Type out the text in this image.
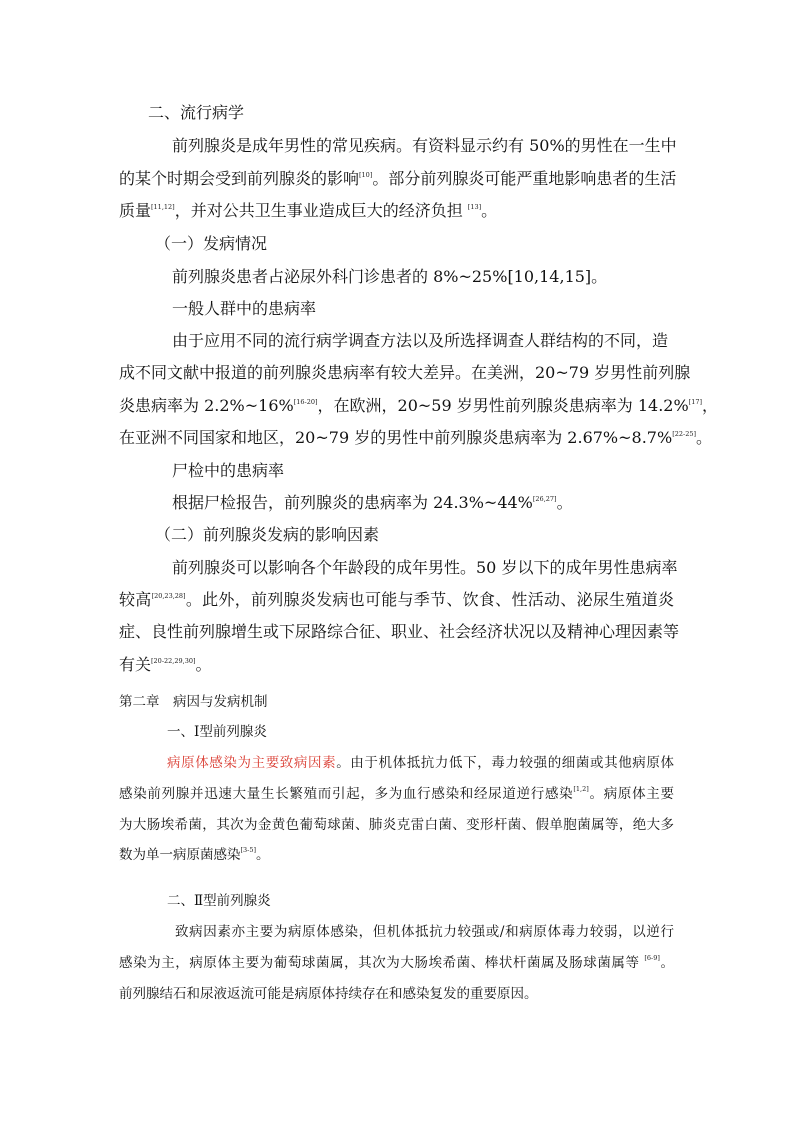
二、流行病学
前列腺炎是成年男性的常见疾病。有资料显示约有 50%的男性在一生中
的某个时期会受到前列腺炎的影响[10]。部分前列腺炎可能严重地影响患者的生活
质量[11,12]，并对公共卫生事业造成巨大的经济负担 [13]。
（一）发病情况
前列腺炎患者占泌尿外科门诊患者的 8%~25%[10,14,15]。
一般人群中的患病率
由于应用不同的流行病学调查方法以及所选择调查人群结构的不同，造
成不同文献中报道的前列腺炎患病率有较大差异。在美洲，20~79 岁男性前列腺
炎患病率为 2.2%~16%[16-20]，在欧洲，20~59 岁男性前列腺炎患病率为 14.2%[17]，
在亚洲不同国家和地区，20~79 岁的男性中前列腺炎患病率为 2.67%~8.7%[22-25]。
尸检中的患病率
根据尸检报告，前列腺炎的患病率为 24.3%~44%[26,27]。
（二）前列腺炎发病的影响因素
前列腺炎可以影响各个年龄段的成年男性。50 岁以下的成年男性患病率
较高[20,23,28]。此外，前列腺炎发病也可能与季节、饮食、性活动、泌尿生殖道炎
症、良性前列腺增生或下尿路综合征、职业、社会经济状况以及精神心理因素等
有关[20-22,29,30]。
第二章　病因与发病机制
一、Ⅰ型前列腺炎
病原体感染为主要致病因素。由于机体抵抗力低下，毒力较强的细菌或其他病原体
感染前列腺并迅速大量生长繁殖而引起，多为血行感染和经尿道逆行感染[1,2]。病原体主要
为大肠埃希菌，其次为金黄色葡萄球菌、肺炎克雷白菌、变形杆菌、假单胞菌属等，绝大多
数为单一病原菌感染[3-5]。
二、Ⅱ型前列腺炎
致病因素亦主要为病原体感染，但机体抵抗力较强或/和病原体毒力较弱，以逆行
感染为主，病原体主要为葡萄球菌属，其次为大肠埃希菌、棒状杆菌属及肠球菌属等 [6-9]。
前列腺结石和尿液返流可能是病原体持续存在和感染复发的重要原因。
